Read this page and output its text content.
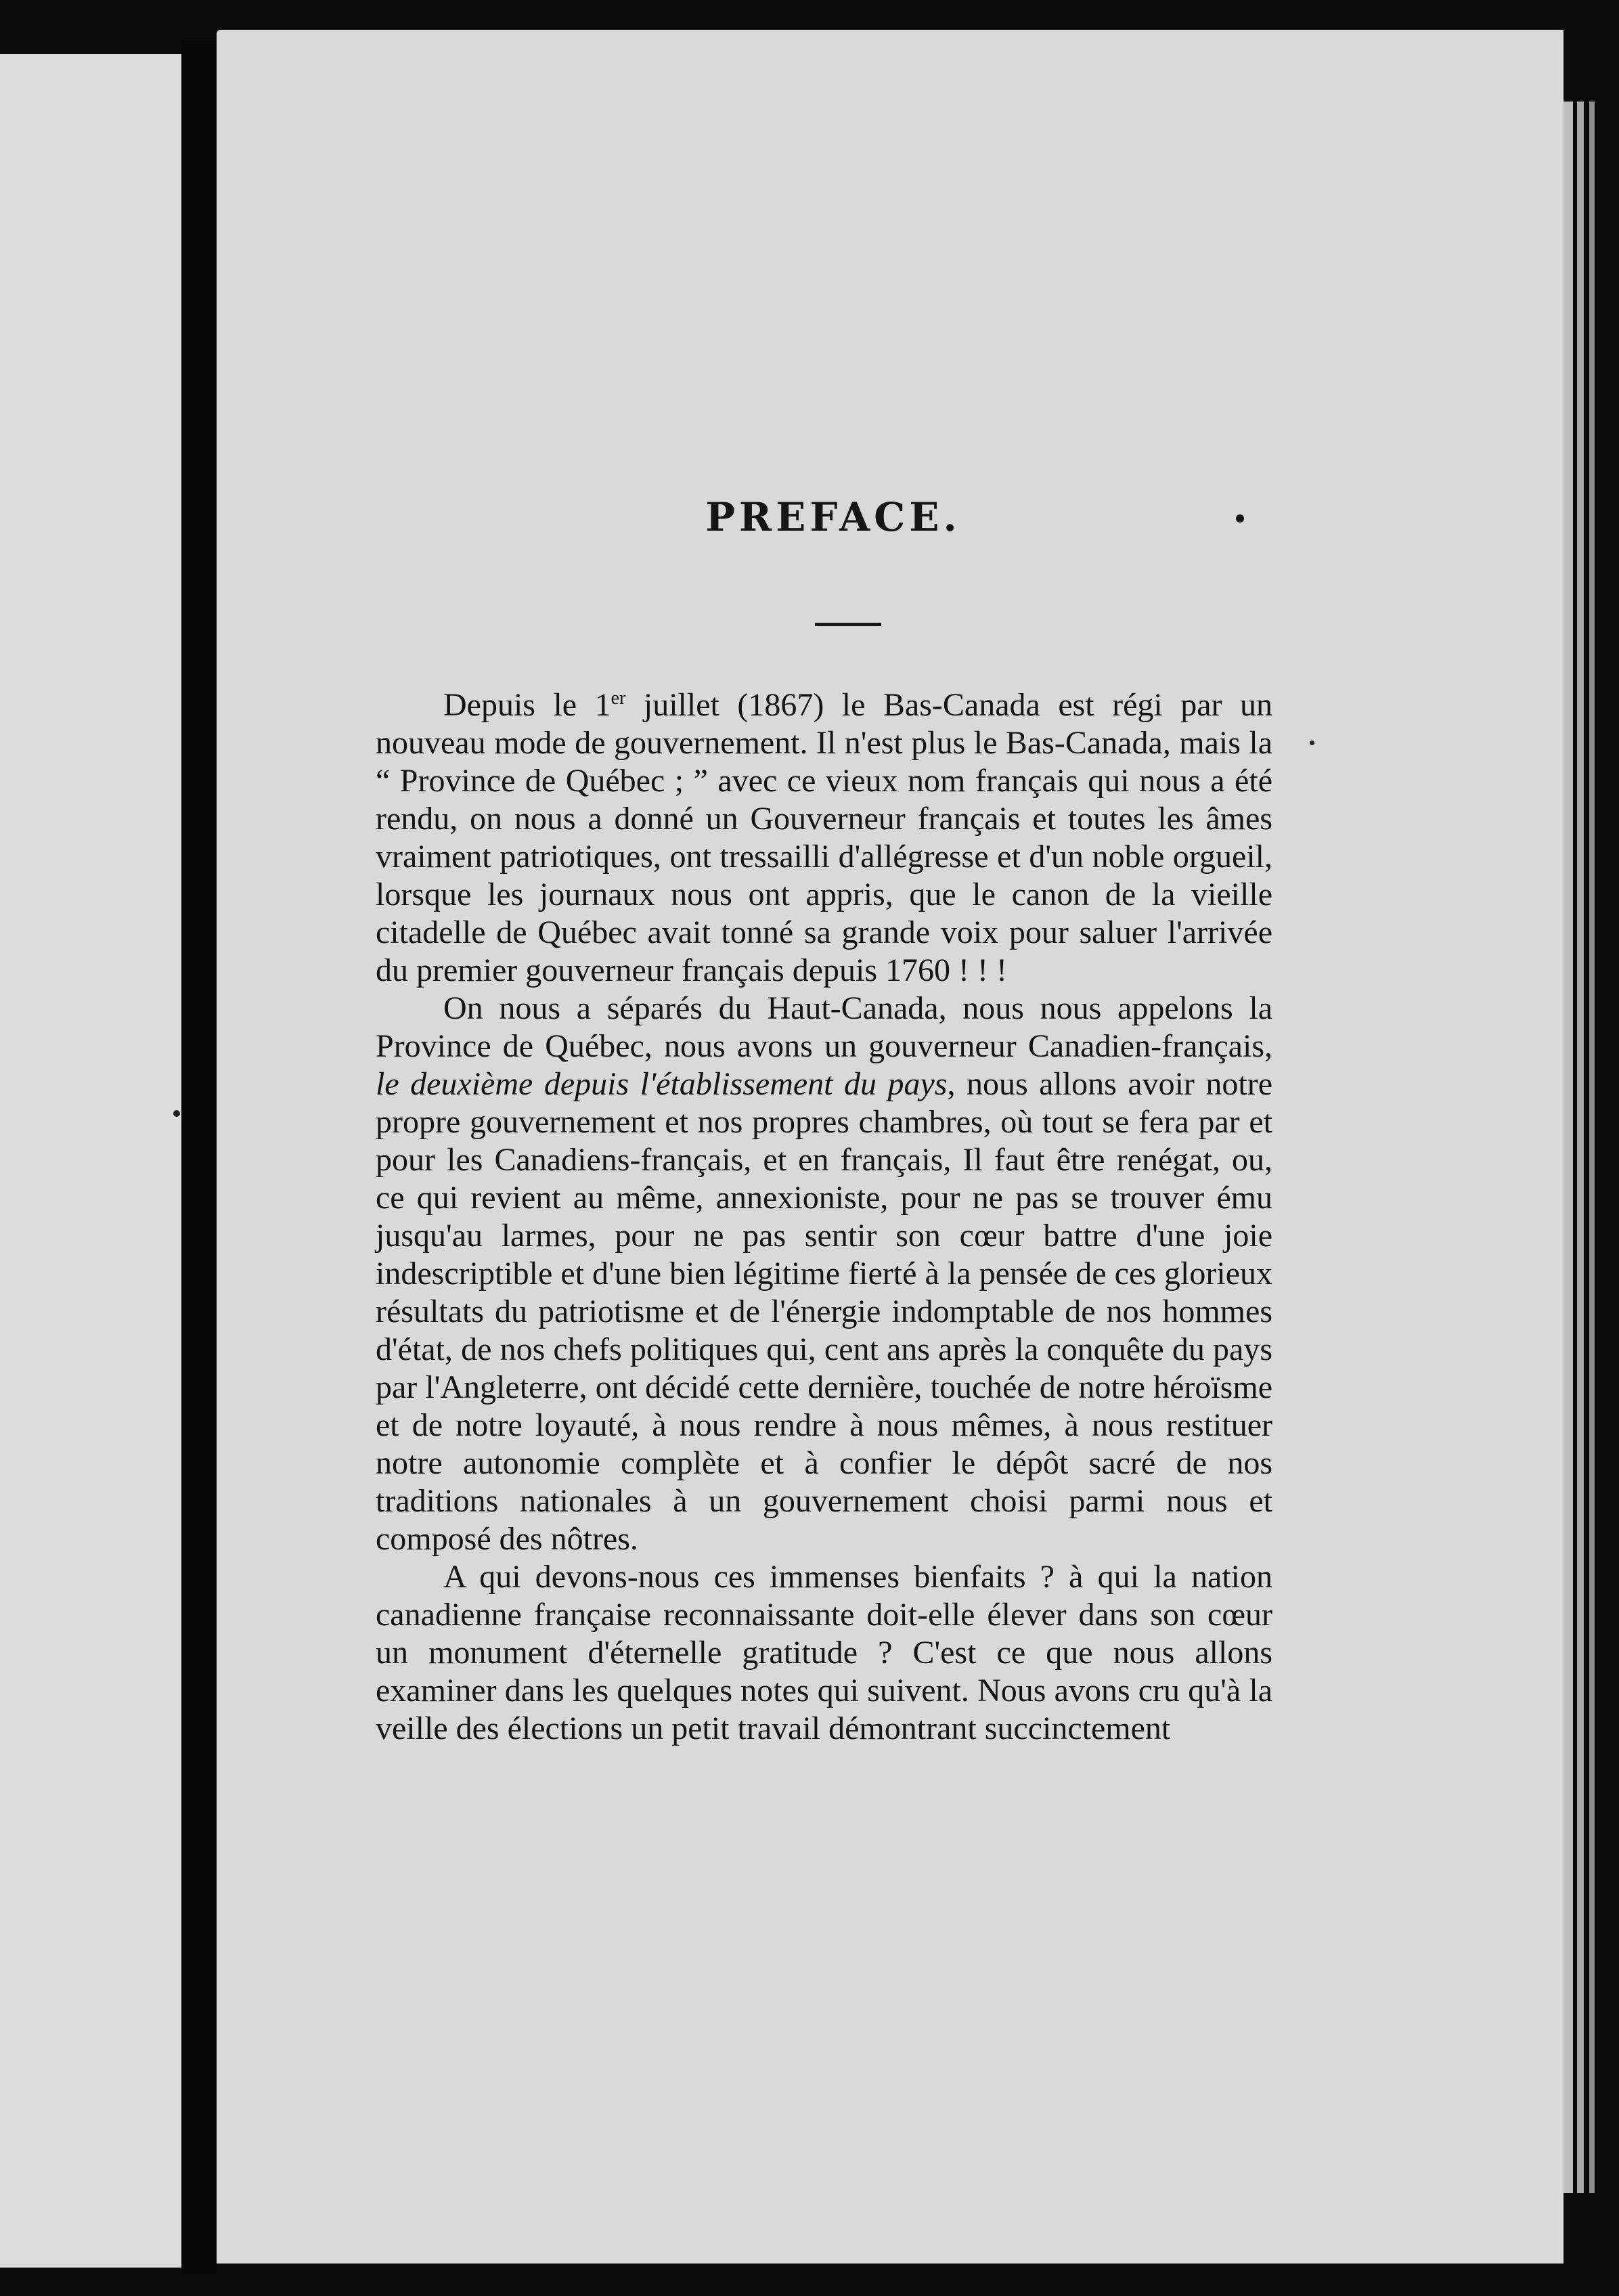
PREFACE.

Depuis le 1er juillet (1867) le Bas-Canada est régi par un nouveau mode de gouvernement. Il n'est plus le Bas-Canada, mais la “ Province de Québec ; ” avec ce vieux nom français qui nous a été rendu, on nous a donné un Gouverneur français et toutes les âmes vraiment patriotiques, ont tressailli d'allégresse et d'un noble orgueil, lorsque les journaux nous ont appris, que le canon de la vieille citadelle de Québec avait tonné sa grande voix pour saluer l'arrivée du premier gouverneur français depuis 1760 ! ! !

On nous a séparés du Haut-Canada, nous nous appelons la Province de Québec, nous avons un gouverneur Canadien-français, le deuxième depuis l'établissement du pays, nous allons avoir notre propre gouvernement et nos propres chambres, où tout se fera par et pour les Canadiens-français, et en français, Il faut être renégat, ou, ce qui revient au même, annexioniste, pour ne pas se trouver ému jusqu'au larmes, pour ne pas sentir son cœur battre d'une joie indescriptible et d'une bien légitime fierté à la pensée de ces glorieux résultats du patriotisme et de l'énergie indomptable de nos hommes d'état, de nos chefs politiques qui, cent ans après la conquête du pays par l'Angleterre, ont décidé cette dernière, touchée de notre héroïsme et de notre loyauté, à nous rendre à nous mêmes, à nous restituer notre autonomie complète et à confier le dépôt sacré de nos traditions nationales à un gouvernement choisi parmi nous et composé des nôtres.

A qui devons-nous ces immenses bienfaits ? à qui la nation canadienne française reconnaissante doit-elle élever dans son cœur un monument d'éternelle gratitude ? C'est ce que nous allons examiner dans les quelques notes qui suivent. Nous avons cru qu'à la veille des élections un petit travail démontrant succinctement
